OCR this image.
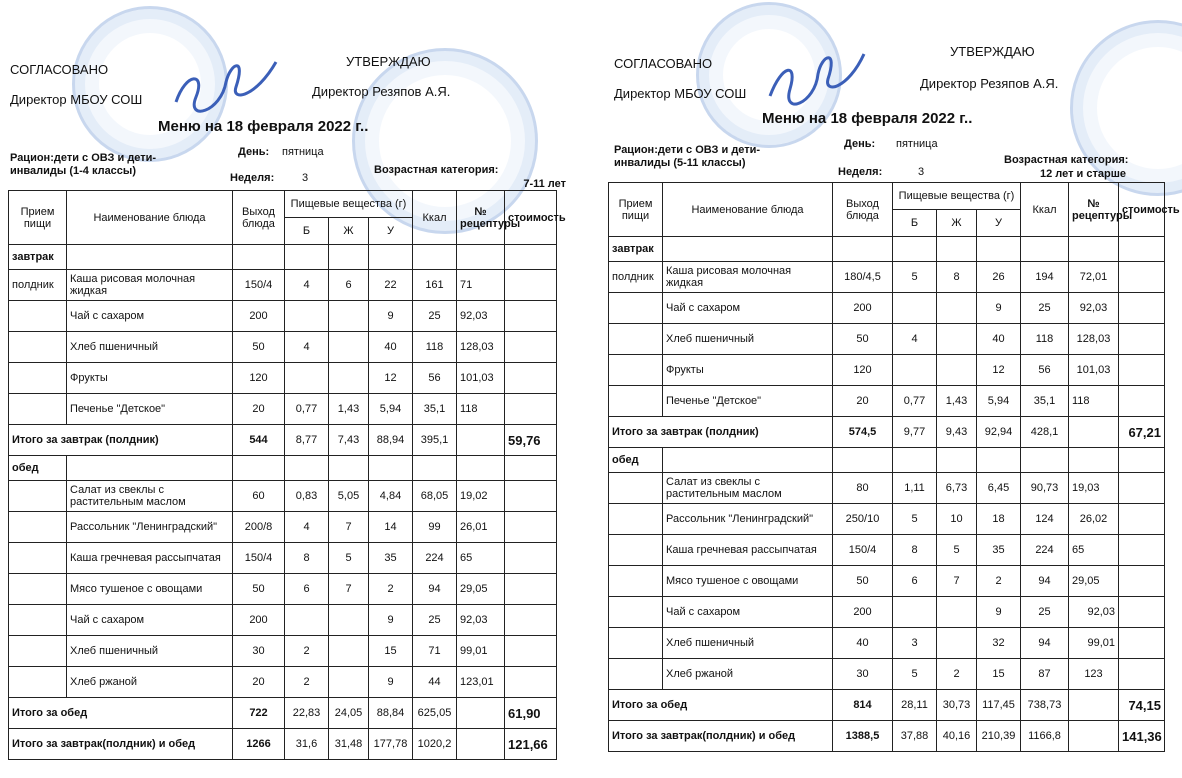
СОГЛАСОВАНО
Директор МБОУ СОШ
УТВЕРЖДАЮ
Директор Резяпов А.Я.
Меню на 18 февраля 2022 г..
Рацион:дети с ОВЗ и дети-инвалиды (1-4 классы)
День: пятница
Неделя:	3
Возрастная категория:
7-11 лет
Прием пищи	Наименование блюда	Выход блюда	Пищевые вещества (г)			Ккал	№ рецептуры	стоимость
			Б	Ж	У			
завтрак								
полдник	Каша рисовая молочная жидкая	150/4	4	6	22	161	71	
	Чай с сахаром	200			9	25	92,03	
	Хлеб пшеничный	50	4		40	118	128,03	
	Фрукты	120			12	56	101,03	
	Печенье "Детское"	20	0,77	1,43	5,94	35,1	118	
Итого за завтрак (полдник)		544	8,77	7,43	88,94	395,1		59,76
обед								
	Салат из свеклы с растительным маслом	60	0,83	5,05	4,84	68,05	19,02	
	Рассольник "Ленинградский"	200/8	4	7	14	99	26,01	
	Каша гречневая рассыпчатая	150/4	8	5	35	224	65	
	Мясо тушеное с овощами	50	6	7	2	94	29,05	
	Чай с сахаром	200			9	25	92,03	
	Хлеб пшеничный	30	2		15	71	99,01	
	Хлеб ржаной	20	2		9	44	123,01	
Итого за обед		722	22,83	24,05	88,84	625,05		61,90
Итого за завтрак(полдник) и обед		1266	31,6	31,48	177,78	1020,2		121,66
СОГЛАСОВАНО
Директор МБОУ СОШ
УТВЕРЖДАЮ
Директор Резяпов А.Я.
Меню на 18 февраля 2022 г..
Рацион:дети с ОВЗ и дети-инвалиды (5-11 классы)
День: пятница
Неделя:	3
Возрастная категория:
12 лет и старше
Прием пищи	Наименование блюда	Выход блюда	Пищевые вещества (г)			Ккал	№ рецептуры	стоимость
			Б	Ж	У			
завтрак								
полдник	Каша рисовая молочная жидкая	180/4,5	5	8	26	194	72,01	
	Чай с сахаром	200			9	25	92,03	
	Хлеб пшеничный	50	4		40	118	128,03	
	Фрукты	120			12	56	101,03	
	Печенье "Детское"	20	0,77	1,43	5,94	35,1	118	
Итого за завтрак (полдник)		574,5	9,77	9,43	92,94	428,1		67,21
обед								
	Салат из свеклы с растительным маслом	80	1,11	6,73	6,45	90,73	19,03	
	Рассольник "Ленинградский"	250/10	5	10	18	124	26,02	
	Каша гречневая рассыпчатая	150/4	8	5	35	224	65	
	Мясо тушеное с овощами	50	6	7	2	94	29,05	
	Чай с сахаром	200			9	25	92,03	
	Хлеб пшеничный	40	3		32	94	99,01	
	Хлеб ржаной	30	5	2	15	87	123	
Итого за обед		814	28,11	30,73	117,45	738,73		74,15
Итого за завтрак(полдник) и обед		1388,5	37,88	40,16	210,39	1166,8		141,36
